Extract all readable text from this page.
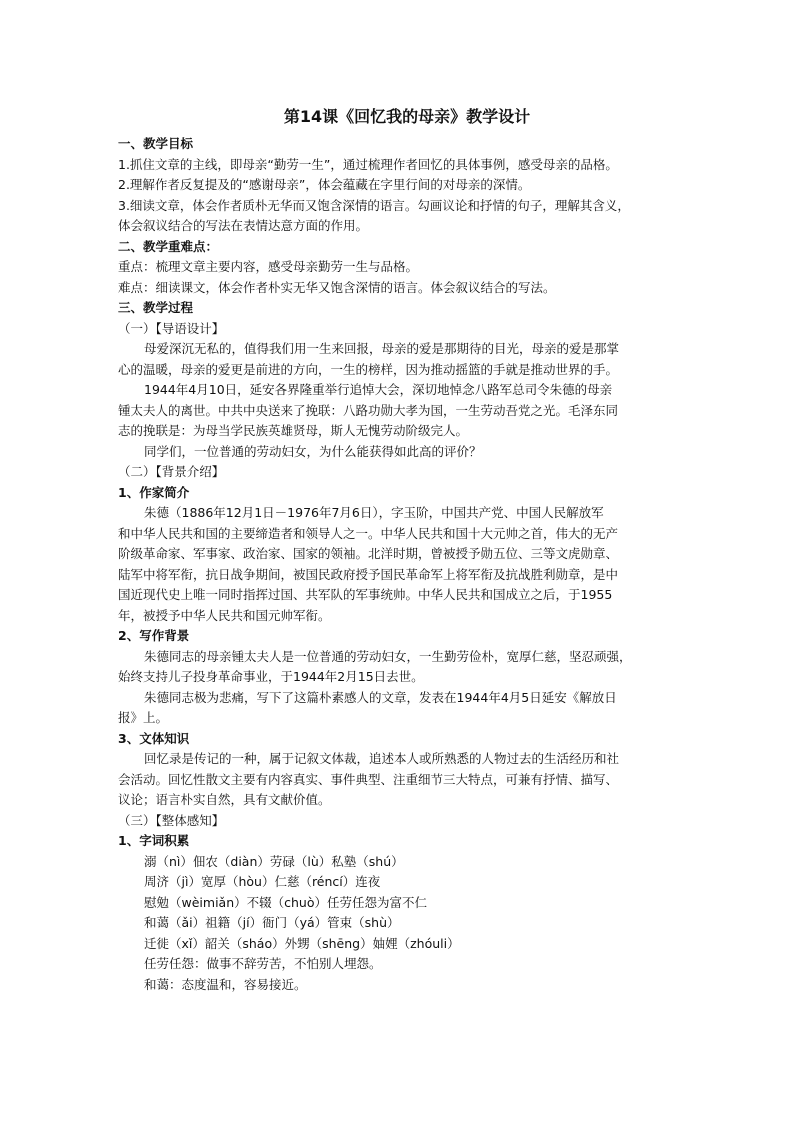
第14课《回忆我的母亲》教学设计
一、教学目标
1.抓住文章的主线，即母亲“勤劳一生”，通过梳理作者回忆的具体事例，感受母亲的品格。
2.理解作者反复提及的“感谢母亲”，体会蕴藏在字里行间的对母亲的深情。
3.细读文章，体会作者质朴无华而又饱含深情的语言。勾画议论和抒情的句子，理解其含义，
体会叙议结合的写法在表情达意方面的作用。
二、教学重难点：
重点：梳理文章主要内容，感受母亲勤劳一生与品格。
难点：细读课文，体会作者朴实无华又饱含深情的语言。体会叙议结合的写法。
三、教学过程
（一）【导语设计】
母爱深沉无私的，值得我们用一生来回报，母亲的爱是那期待的目光，母亲的爱是那掌
心的温暖，母亲的爱更是前进的方向，一生的榜样，因为推动摇篮的手就是推动世界的手。
1944年4月10日，延安各界隆重举行追悼大会，深切地悼念八路军总司令朱德的母亲
锺太夫人的离世。中共中央送来了挽联：八路功勋大孝为国，一生劳动吾党之光。毛泽东同
志的挽联是：为母当学民族英雄贤母，斯人无愧劳动阶级完人。
同学们，一位普通的劳动妇女，为什么能获得如此高的评价？
（二）【背景介绍】
1、作家简介
朱德（1886年12月1日－1976年7月6日），字玉阶，中国共产党、中国人民解放军
和中华人民共和国的主要缔造者和领导人之一。中华人民共和国十大元帅之首，伟大的无产
阶级革命家、军事家、政治家、国家的领袖。北洋时期，曾被授予勋五位、三等文虎勋章、
陆军中将军衔，抗日战争期间，被国民政府授予国民革命军上将军衔及抗战胜利勋章，是中
国近现代史上唯一同时指挥过国、共军队的军事统帅。中华人民共和国成立之后，于1955
年，被授予中华人民共和国元帅军衔。
2、写作背景
朱德同志的母亲锺太夫人是一位普通的劳动妇女，一生勤劳俭朴，宽厚仁慈，坚忍顽强，
始终支持儿子投身革命事业，于1944年2月15日去世。
朱德同志极为悲痛，写下了这篇朴素感人的文章，发表在1944年4月5日延安《解放日
报》上。
3、文体知识
回忆录是传记的一种，属于记叙文体裁，追述本人或所熟悉的人物过去的生活经历和社
会活动。回忆性散文主要有内容真实、事件典型、注重细节三大特点，可兼有抒情、描写、
议论；语言朴实自然，具有文献价值。
（三）【整体感知】
1、字词积累
溺（nì）佃农（diàn）劳碌（lù）私塾（shú）
周济（jì）宽厚（hòu）仁慈（réncí）连夜
慰勉（wèimiǎn）不辍（chuò）任劳任怨为富不仁
和蔼（ǎi）祖籍（jí）衙门（yá）管束（shù）
迁徙（xǐ）韶关（sháo）外甥（shēng）妯娌（zhóuli）
任劳任怨：做事不辞劳苦，不怕别人埋怨。
和蔼：态度温和，容易接近。
